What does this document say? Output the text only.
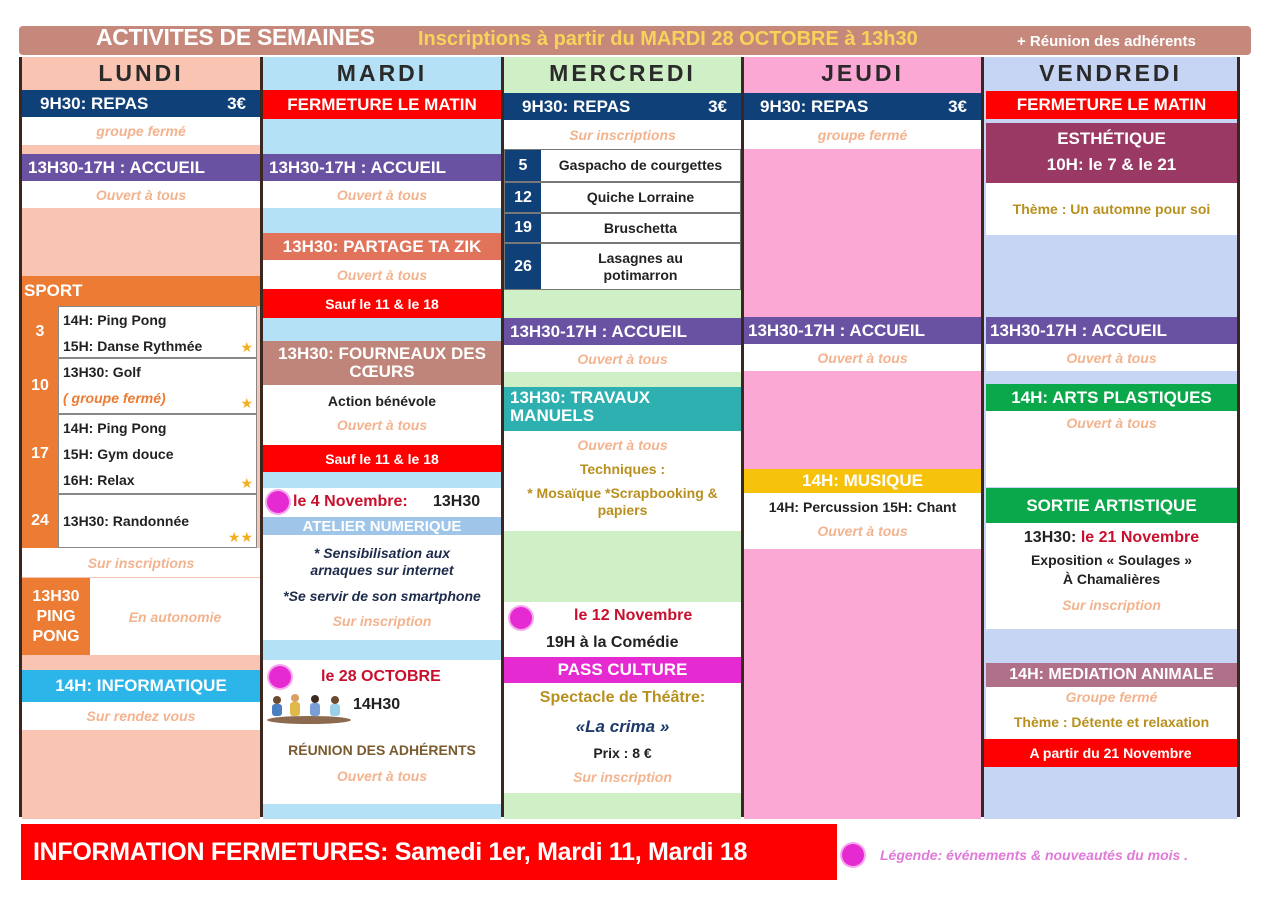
ACTIVITES DE SEMAINES Inscriptions à partir du MARDI 28 OCTOBRE à 13h30	+ Réunion des adhérents
LUNDI
9H30: REPAS	3€
groupe fermé
13H30-17H : ACCUEIL
Ouvert à tous
SPORT
3
14H: Ping Pong
15H: Danse Rythmée	★
10
13H30: Golf
( groupe fermé)	★
17
14H: Ping Pong
15H: Gym douce
16H: Relax	★
24	13H30: Randonnée
★★
Sur inscriptions
13H30 PING PONG
En autonomie
14H: INFORMATIQUE
Sur rendez vous
MARDI
FERMETURE LE MATIN
13H30-17H : ACCUEIL
Ouvert à tous
13H30: PARTAGE TA ZIK
Ouvert à tous
Sauf le 11 & le 18
13H30: FOURNEAUX DES CŒURS
Action bénévole
Ouvert à tous
Sauf le 11 & le 18
le 4 Novembre: 13H30
ATELIER NUMERIQUE
* Sensibilisation aux arnaques sur internet
*Se servir de son smartphone
Sur inscription
le 28 OCTOBRE
14H30
RÉUNION DES ADHÉRENTS
Ouvert à tous
MERCREDI
9H30: REPAS	3€
Sur inscriptions
5	Gaspacho de courgettes
12	Quiche Lorraine
19	Bruschetta
26	Lasagnes au potimarron
13H30-17H : ACCUEIL
Ouvert à tous
13H30: TRAVAUX MANUELS
Ouvert à tous
Techniques :
* Mosaïque *Scrapbooking & papiers
le 12 Novembre
19H à la Comédie
PASS CULTURE
Spectacle de Théâtre:
«La crima »
Prix : 8 €
Sur inscription
JEUDI
9H30: REPAS	3€
groupe fermé
13H30-17H : ACCUEIL
Ouvert à tous
14H: MUSIQUE
14H: Percussion 15H: Chant
Ouvert à tous
VENDREDI
FERMETURE LE MATIN
ESTHÉTIQUE
10H: le 7 & le 21
Thème : Un automne pour soi
13H30-17H : ACCUEIL
Ouvert à tous
14H: ARTS PLASTIQUES
Ouvert à tous
SORTIE ARTISTIQUE
13H30: le 21 Novembre
Exposition « Soulages »
À Chamalières
Sur inscription
14H: MEDIATION ANIMALE
Groupe fermé
Thème : Détente et relaxation
A partir du 21 Novembre
INFORMATION FERMETURES: Samedi 1er, Mardi 11, Mardi 18	Légende: événements & nouveautés du mois .
